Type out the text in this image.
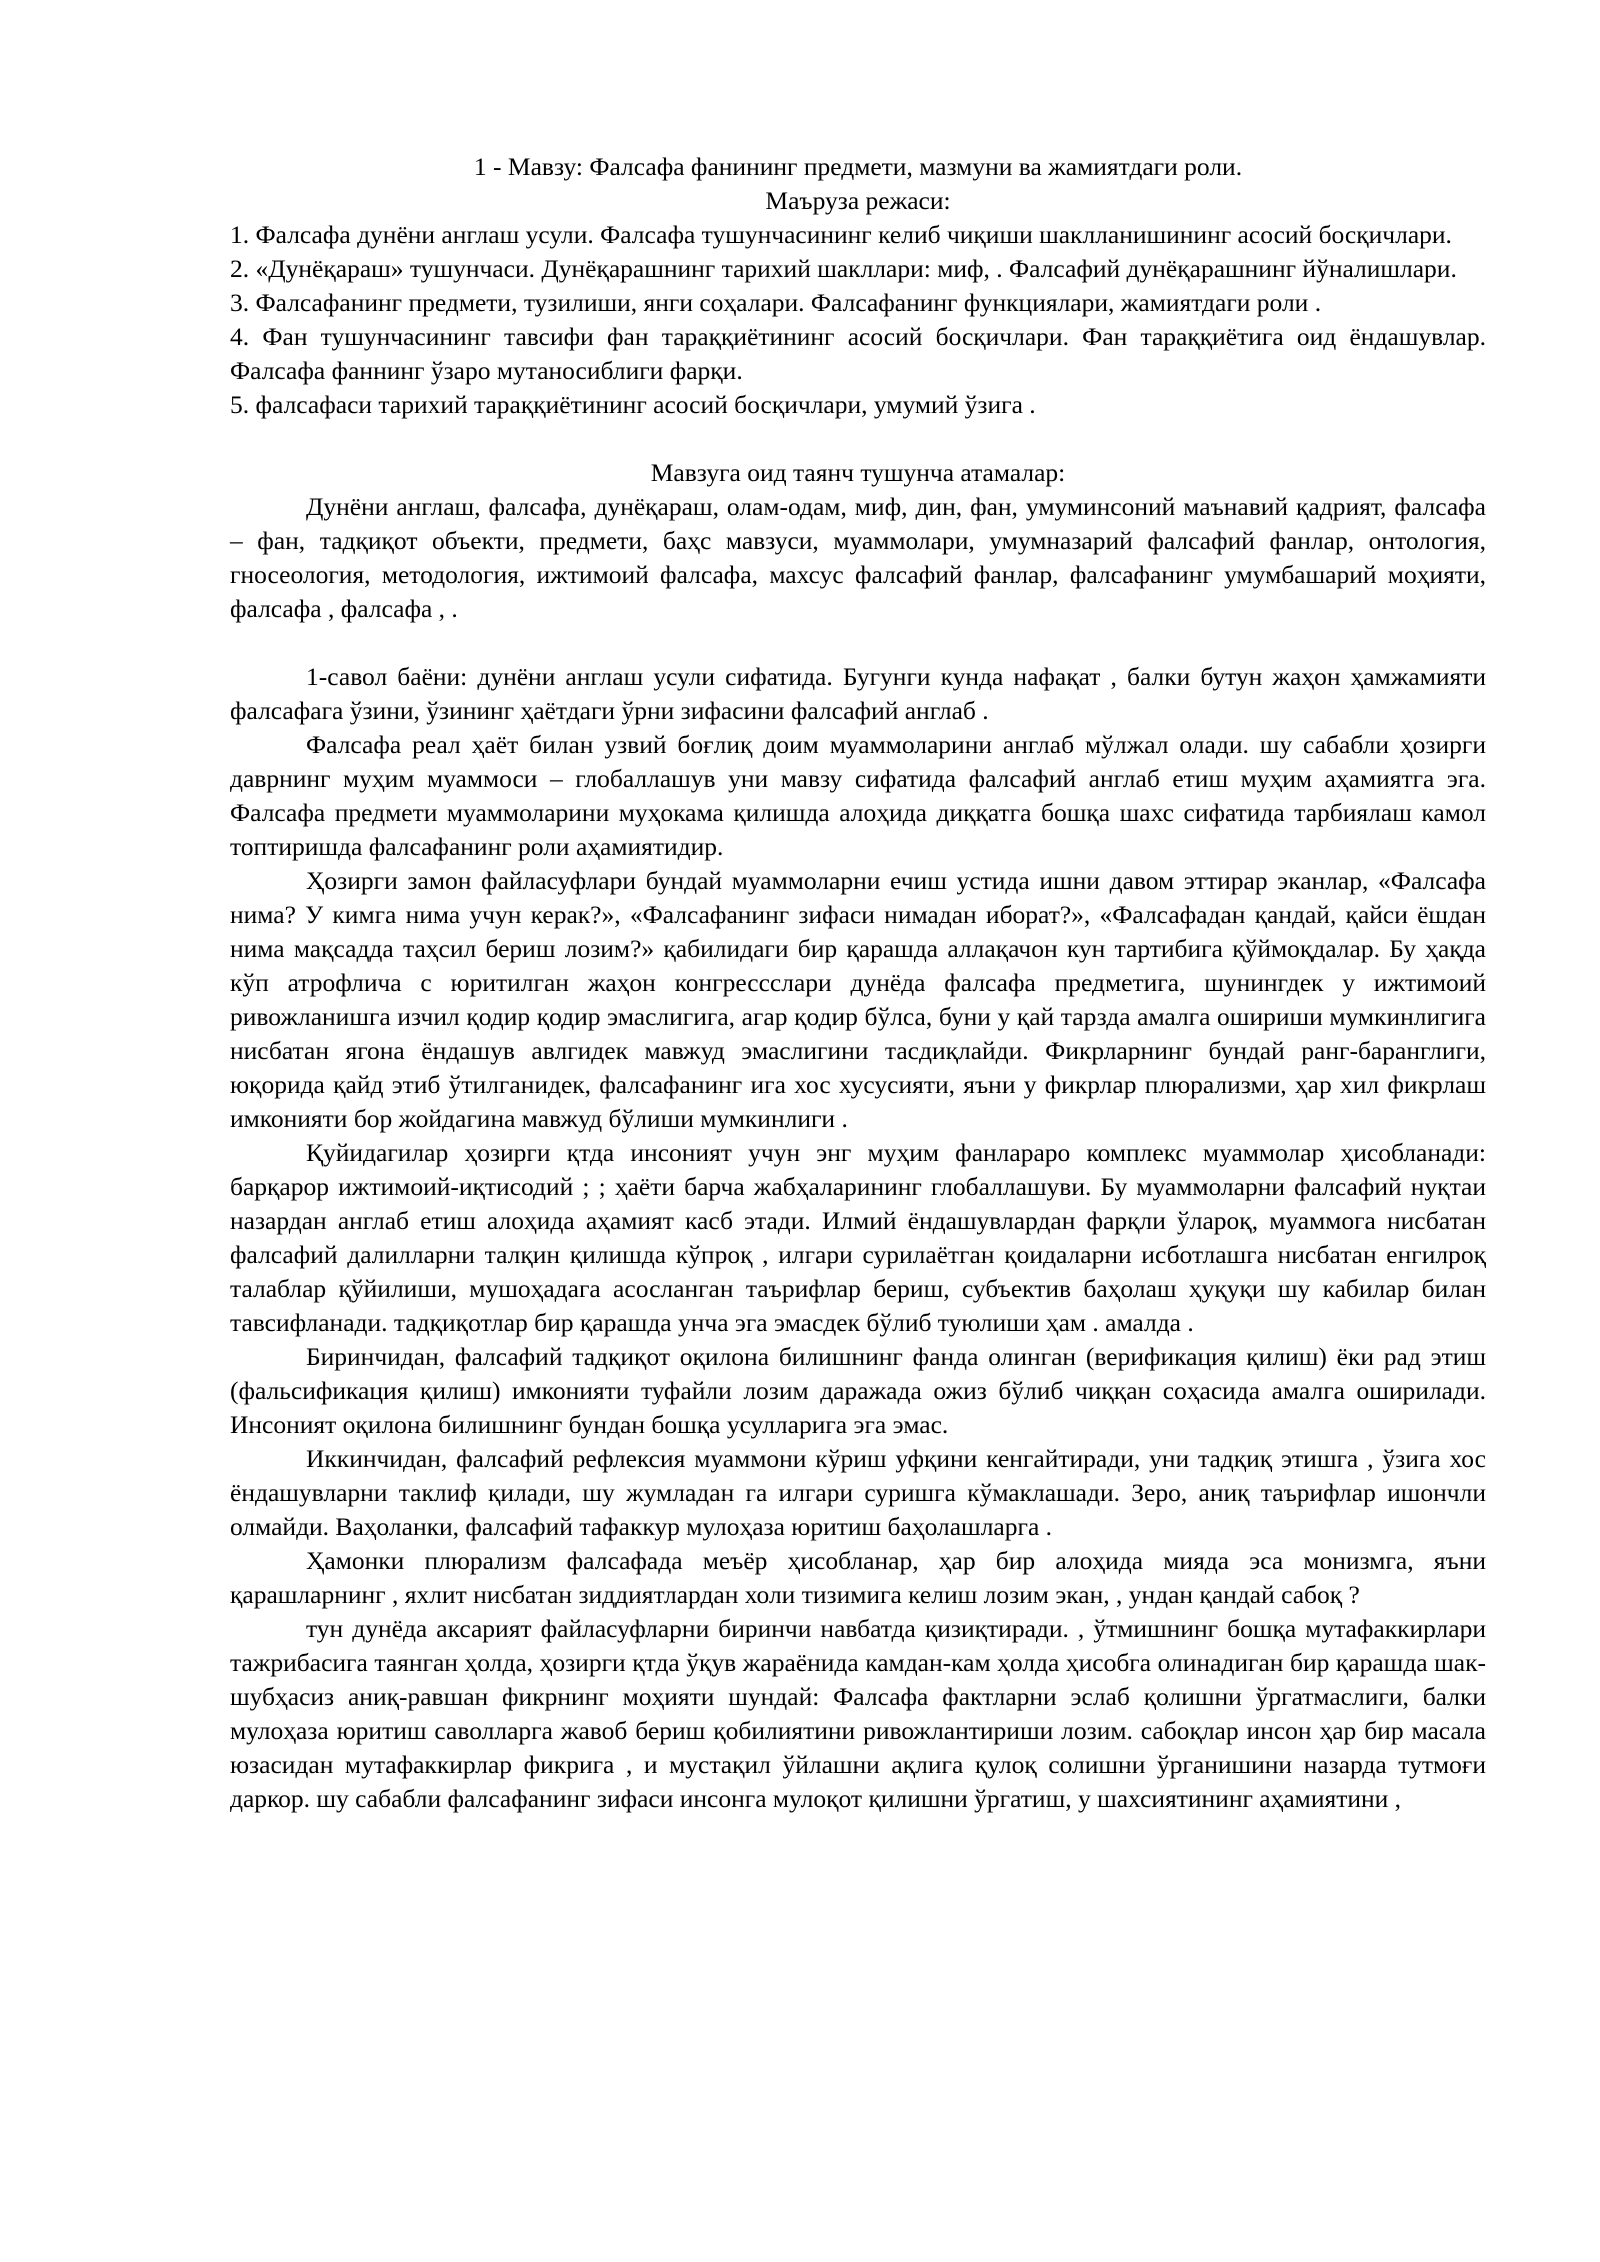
1 - Мавзу: Фалсафа фанининг предмети, мазмуни ва жамиятдаги роли.

Маърузa режаси:

1. Фалсафа дунёни англаш усули. Фалсафа тушунчасининг келиб чиқиши шаклланишининг асосий босқичлари.

2. «Дунёқараш» тушунчаси. Дунёқарашнинг тарихий шакллари: миф, . Фалсафий дунёқарашнинг йўналишлари.

3. Фалсафанинг предмети, тузилиши, янги соҳалари. Фалсафанинг функциялари, жамиятдаги роли .

4. Фан тушунчасининг тавсифи фан тараққиётининг асосий босқичлари. Фан тараққиётига оид ёндашувлар. Фалсафа фаннинг ўзаро мутаносиблиги фарқи.

5. фалсафаси тарихий тараққиётининг асосий босқичлари, умумий ўзига .

Мавзуга оид таянч тушунча атамалар:

Дунёни англаш, фалсафа, дунёқараш, олам-одам, миф, дин, фан, умуминсоний маънавий қадрият, фалсафа – фан, тадқиқот объекти, предмети, баҳс мавзуси, муаммолари, умумназарий фалсафий фанлар, онтология, гносеология, методология, ижтимоий фалсафа, махсус фалсафий фанлар, фалсафанинг умумбашарий моҳияти, фалсафа , фалсафа , .

1-савол баёни: дунёни англаш усули сифатида. Бугунги кунда нафақат , балки бутун жаҳон ҳамжамияти фалсафага ўзини, ўзининг ҳаётдаги ўрни зифасини фалсафий англаб .

Фалсафа реал ҳаёт билан узвий боғлиқ доим муаммоларини англаб мўлжал олади. шу сабабли ҳозирги даврнинг муҳим муаммоси – глобаллашув уни мавзу сифатида фалсафий англаб етиш муҳим аҳамиятга эга. Фалсафа предмети муаммоларини муҳокама қилишда алоҳида диққатга бошқа шахс сифатида тарбиялаш камол топтиришда фалсафанинг роли аҳамиятидир.

Ҳозирги замон файласуфлари бундай муаммоларни ечиш устида ишни давом эттирар эканлар, «Фалсафа нима? У кимга нима учун керак?», «Фалсафанинг зифаси нимадан иборат?», «Фалсафадан қандай, қайси ёшдан нима мақсадда таҳсил бериш лозим?» қабилидаги бир қарашда аллақачон кун тартибига қўймоқдалар. Бу ҳақда кўп атрофлича с юритилган жаҳон конгрессслари дунёда фалсафа предметига, шунингдек у ижтимоий ривожланишга изчил қодир қодир эмаслигига, агар қодир бўлса, буни у қай тарзда амалга ошириши мумкинлигига нисбатан ягона ёндашув авлгидек мавжуд эмаслигини тасдиқлайди. Фикрларнинг бундай ранг-баранглиги, юқорида қайд этиб ўтилганидек, фалсафанинг ига хос хусусияти, яъни у фикрлар плюрализми, ҳар хил фикрлаш имконияти бор жойдагина мавжуд бўлиши мумкинлиги .

Қуйидагилар ҳозирги қтда инсоният учун энг муҳим фанлараро комплекс муаммолар ҳисобланади: барқарор ижтимоий-иқтисодий ; ; ҳаёти барча жабҳаларининг глобаллашуви. Бу муаммоларни фалсафий нуқтаи назардан англаб етиш алоҳида аҳамият касб этади. Илмий ёндашувлардан фарқли ўлароқ, муаммога нисбатан фалсафий далилларни талқин қилишда кўпроқ , илгари сурилаётган қоидаларни исботлашга нисбатан енгилроқ талаблар қўйилиши, мушоҳадага асосланган таърифлар бериш, субъектив баҳолаш ҳуқуқи шу кабилар билан тавсифланади. тадқиқотлар бир қарашда унча эга эмасдек бўлиб туюлиши ҳам . амалда .

Биринчидан, фалсафий тадқиқот оқилона билишнинг фанда олинган (верификация қилиш) ёки рад этиш (фальсификация қилиш) имконияти туфайли лозим даражада ожиз бўлиб чиққан соҳасида амалга оширилади. Инсоният оқилона билишнинг бундан бошқа усулларига эга эмас.

Иккинчидан, фалсафий рефлексия муаммони кўриш уфқини кенгайтиради, уни тадқиқ этишга , ўзига хос ёндашувларни таклиф қилади, шу жумладан га илгари суришга кўмаклашади. Зеро, аниқ таърифлар ишончли олмайди. Ваҳоланки, фалсафий тафаккур мулоҳаза юритиш баҳолашларга .

Ҳамонки плюрализм фалсафада меъёр ҳисобланар, ҳар бир алоҳида мияда эса монизмга, яъни қарашларнинг , яхлит нисбатан зиддиятлардан холи тизимига келиш лозим экан, , ундан қандай сабоқ ?

тун дунёда аксарият файласуфларни биринчи навбатда қизиқтиради. , ўтмишнинг бошқа мутафаккирлари тажрибасига таянган ҳолда, ҳозирги қтда ўқув жараёнида камдан-кам ҳолда ҳисобга олинадиган бир қарашда шак-шубҳасиз аниқ-равшан фикрнинг моҳияти шундай: Фалсафа фактларни эслаб қолишни ўргатмаслиги, балки мулоҳаза юритиш саволларга жавоб бериш қобилиятини ривожлантириши лозим. сабоқлар инсон ҳар бир масала юзасидан мутафаккирлар фикрига , и мустақил ўйлашни ақлига қулоқ солишни ўрганишини назарда тутмоғи даркор. шу сабабли фалсафанинг зифаси инсонга мулоқот қилишни ўргатиш, у шахсиятининг аҳамиятини ,
